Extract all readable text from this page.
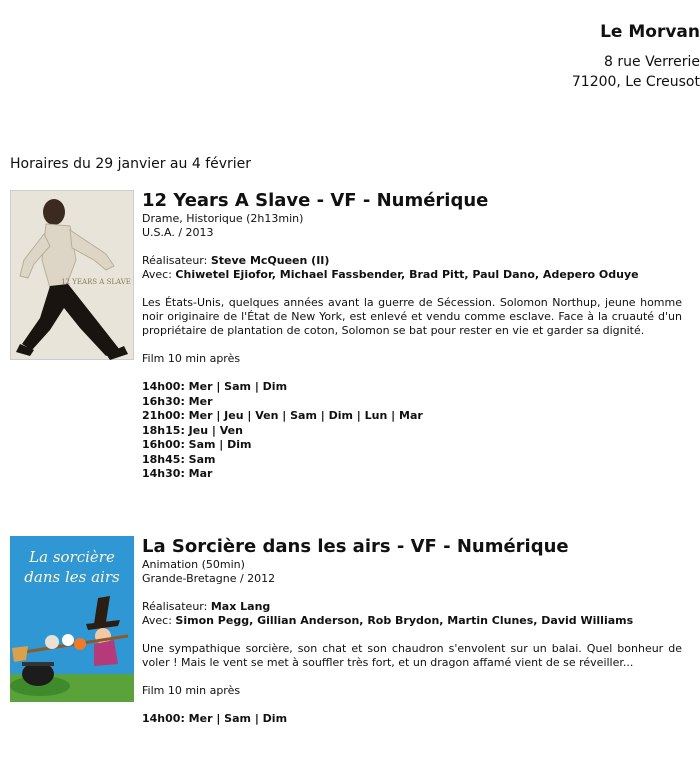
Le Morvan
8 rue Verrerie
71200, Le Creusot
Horaires du 29 janvier au 4 février
12 YEARS A SLAVE
12 Years A Slave - VF - Numérique
Drame, Historique (2h13min)
U.S.A. / 2013
Réalisateur: Steve McQueen (II)
Avec: Chiwetel Ejiofor, Michael Fassbender, Brad Pitt, Paul Dano, Adepero Oduye
Les États-Unis, quelques années avant la guerre de Sécession. Solomon Northup, jeune homme noir originaire de l'État de New York, est enlevé et vendu comme esclave. Face à la cruauté d'un propriétaire de plantation de coton, Solomon se bat pour rester en vie et garder sa dignité.
Film 10 min après
14h00: Mer | Sam | Dim
16h30: Mer
21h00: Mer | Jeu | Ven | Sam | Dim | Lun | Mar
18h15: Jeu | Ven
16h00: Sam | Dim
18h45: Sam
14h30: Mar
La sorcière
dans les airs
La Sorcière dans les airs - VF - Numérique
Animation (50min)
Grande-Bretagne / 2012
Réalisateur: Max Lang
Avec: Simon Pegg, Gillian Anderson, Rob Brydon, Martin Clunes, David Williams
Une sympathique sorcière, son chat et son chaudron s'envolent sur un balai. Quel bonheur de voler ! Mais le vent se met à souffler très fort, et un dragon affamé vient de se réveiller...
Film 10 min après
14h00: Mer | Sam | Dim
